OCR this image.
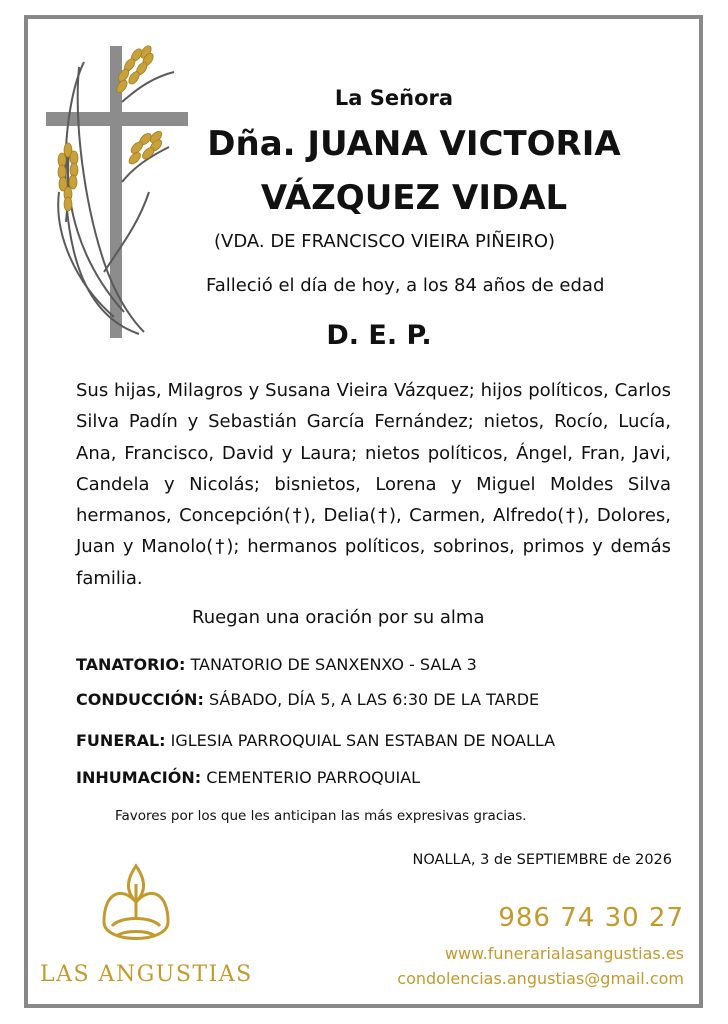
La Señora
Dña. JUANA VICTORIA
VÁZQUEZ VIDAL
(VDA. DE FRANCISCO VIEIRA PIÑEIRO)
Falleció el día de hoy, a los 84 años de edad
D. E. P.
Sus hijas, Milagros y Susana Vieira Vázquez; hijos políticos, Carlos Silva Padín y Sebastián García Fernández; nietos, Rocío, Lucía, Ana, Francisco, David y Laura; nietos políticos, Ángel, Fran, Javi, Candela y Nicolás; bisnietos, Lorena y Miguel Moldes Silva hermanos, Concepción(†), Delia(†), Carmen, Alfredo(†), Dolores, Juan y Manolo(†); hermanos políticos, sobrinos, primos y demás familia.
Ruegan una oración por su alma
TANATORIO: TANATORIO DE SANXENXO - SALA 3
CONDUCCIÓN: SÁBADO, DÍA 5, A LAS 6:30 DE LA TARDE
FUNERAL: IGLESIA PARROQUIAL SAN ESTABAN DE NOALLA
INHUMACIÓN: CEMENTERIO PARROQUIAL
Favores por los que les anticipan las más expresivas gracias.
NOALLA, 3 de SEPTIEMBRE de 2026
LAS ANGUSTIAS
986 74 30 27
www.funerarialasangustias.es
condolencias.angustias@gmail.com
